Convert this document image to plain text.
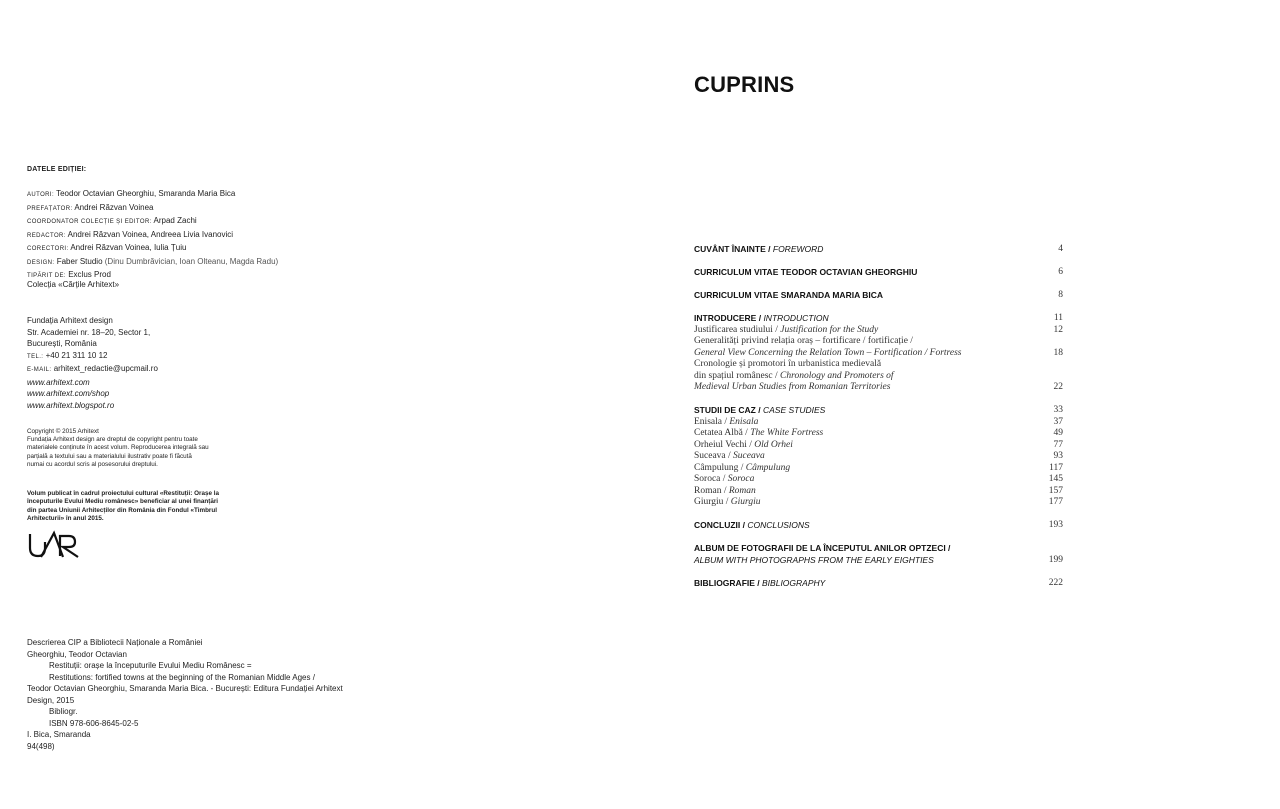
DATELE EDIȚIEI:
AUTORI: Teodor Octavian Gheorghiu, Smaranda Maria Bica
PREFAȚATOR: Andrei Răzvan Voinea
COORDONATOR COLECȚIE ȘI EDITOR: Arpad Zachi
REDACTOR: Andrei Răzvan Voinea, Andreea Livia Ivanovici
CORECTORI: Andrei Răzvan Voinea, Iulia Țuiu
DESIGN: Faber Studio (Dinu Dumbrăvician, Ioan Olteanu, Magda Radu)
TIPĂRIT DE: Exclus Prod
Colecția «Cărțile Arhitext»
Fundația Arhitext design
Str. Academiei nr. 18–20, Sector 1,
București, România
TEL.: +40 21 311 10 12
E-MAIL: arhitext_redactie@upcmail.ro
www.arhitext.com
www.arhitext.com/shop
www.arhitext.blogspot.ro
Copyright © 2015 Arhitext
Fundația Arhitext design are dreptul de copyright pentru toate
materialele conținute în acest volum. Reproducerea integrală sau
parțială a textului sau a materialului ilustrativ poate fi făcută
numai cu acordul scris al posesorului dreptului.
Volum publicat în cadrul proiectului cultural «Restituții: Orașe la
începuturile Evului Mediu românesc» beneficiar al unei finanțări
din partea Uniunii Arhitecților din România din Fondul «Timbrul
Arhitecturii» în anul 2015.
Descrierea CIP a Bibliotecii Naționale a României
Gheorghiu, Teodor Octavian
Restituții: orașe la începuturile Evului Mediu Românesc =
Restitutions: fortified towns at the beginning of the Romanian Middle Ages /
Teodor Octavian Gheorghiu, Smaranda Maria Bica. - București: Editura Fundației Arhitext
Design, 2015
Bibliogr.
ISBN 978-606-8645-02-5
I. Bica, Smaranda
94(498)
CUPRINS
CUVÂNT ÎNAINTE / FOREWORD	4
CURRICULUM VITAE TEODOR OCTAVIAN GHEORGHIU	6
CURRICULUM VITAE SMARANDA MARIA BICA	8
INTRODUCERE / INTRODUCTION	11
Justificarea studiului / Justification for the Study	12
Generalități privind relația oraș – fortificare / fortificație /
General View Concerning the Relation Town – Fortification / Fortress	18
Cronologie și promotori în urbanistica medievală
din spațiul românesc / Chronology and Promoters of
Medieval Urban Studies from Romanian Territories	22
STUDII DE CAZ / CASE STUDIES	33
Enisala / Enisala	37
Cetatea Albă / The White Fortress	49
Orheiul Vechi / Old Orhei	77
Suceava / Suceava	93
Câmpulung / Câmpulung	117
Soroca / Soroca	145
Roman / Roman	157
Giurgiu / Giurgiu	177
CONCLUZII / CONCLUSIONS	193
ALBUM DE FOTOGRAFII DE LA ÎNCEPUTUL ANILOR OPTZECI /
ALBUM WITH PHOTOGRAPHS FROM THE EARLY EIGHTIES	199
BIBLIOGRAFIE / BIBLIOGRAPHY	222
